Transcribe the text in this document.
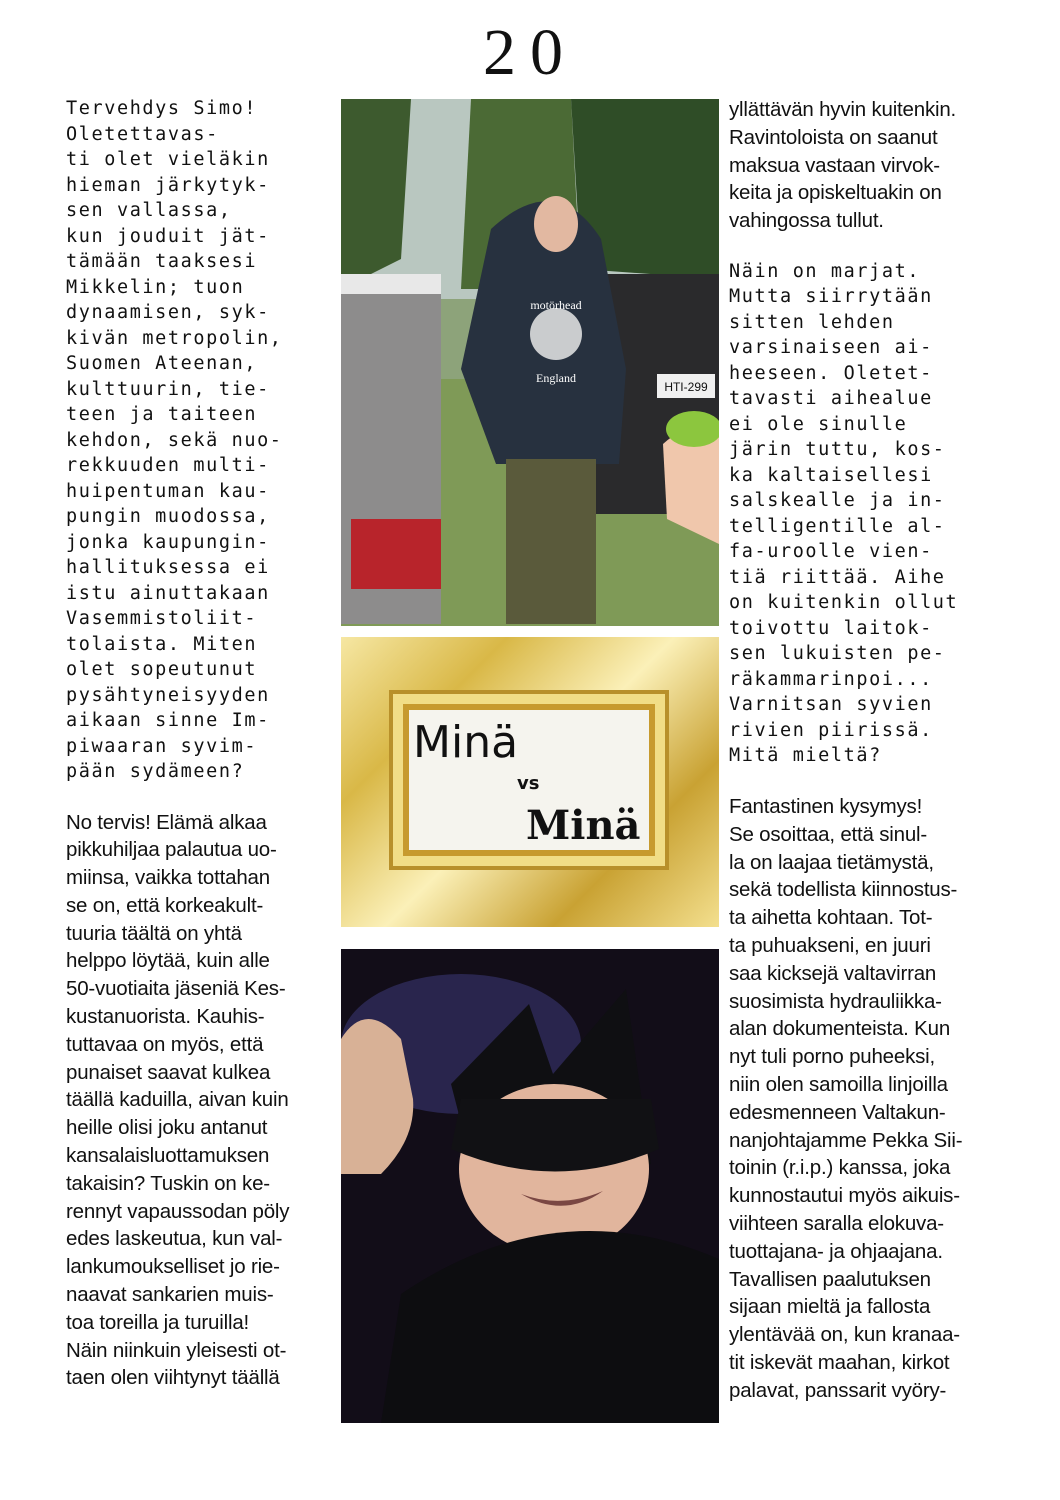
20
Tervehdys Simo!
Oletettavas-
ti olet vieläkin
hieman järkytyk-
sen vallassa,
kun jouduit jät-
tämään taaksesi
Mikkelin; tuon
dynaamisen, syk-
kivän metropolin,
Suomen Ateenan,
kulttuurin, tie-
teen ja taiteen
kehdon, sekä nuo-
rekkuuden multi-
huipentuman kau-
pungin muodossa,
jonka kaupungin-
hallituksessa ei
istu ainuttakaan
Vasemmistoliit-
tolaista. Miten
olet sopeutunut
pysähtyneisyyden
aikaan sinne Im-
piwaaran syvim-
pään sydämeen?
No tervis! Elämä alkaa
pikkuhiljaa palautua uo-
miinsa, vaikka tottahan
se on, että korkeakult-
tuuria täältä on yhtä
helppo löytää, kuin alle
50-vuotiaita jäseniä Kes-
kustanuorista. Kauhis-
tuttavaa on myös, että
punaiset saavat kulkea
täällä kaduilla, aivan kuin
heille olisi joku antanut
kansalaisluottamuksen
takaisin? Tuskin on ke-
rennyt vapaussodan pöly
edes laskeutua, kun val-
lankumoukselliset jo rie-
naavat sankarien muis-
toa toreilla ja turuilla!
Näin niinkuin yleisesti ot-
taen olen viihtynyt täällä
yllättävän hyvin kuitenkin.
Ravintoloista on saanut
maksua vastaan virvok-
keita ja opiskeltuakin on
vahingossa tullut.
Näin on marjat.
Mutta siirrytään
sitten lehden
varsinaiseen ai-
heeseen. Oletet-
tavasti aihealue
ei ole sinulle
järin tuttu, kos-
ka kaltaisellesi
salskealle ja in-
telligentille al-
fa-uroolle vien-
tiä riittää. Aihe
on kuitenkin ollut
toivottu laitok-
sen lukuisten pe-
räkammarinpoi...
Varnitsan syvien
rivien piirissä.
Mitä mieltä?
Fantastinen kysymys!
Se osoittaa, että sinul-
la on laajaa tietämystä,
sekä todellista kiinnostus-
ta aihetta kohtaan. Tot-
ta puhuakseni, en juuri
saa kicksejä valtavirran
suosimista hydrauliikka-
alan dokumenteista. Kun
nyt tuli porno puheeksi,
niin olen samoilla linjoilla
edesmenneen Valtakun-
nanjohtajamme Pekka Sii-
toinin (r.i.p.) kanssa, joka
kunnostautui myös aikuis-
viihteen saralla elokuva-
tuottajana- ja ohjaajana.
Tavallisen paalutuksen
sijaan mieltä ja fallosta
ylentävää on, kun kranaa-
tit iskevät maahan, kirkot
palavat, panssarit vyöry-
HTI-299
motörhead
England
Minä
vs
Minä
